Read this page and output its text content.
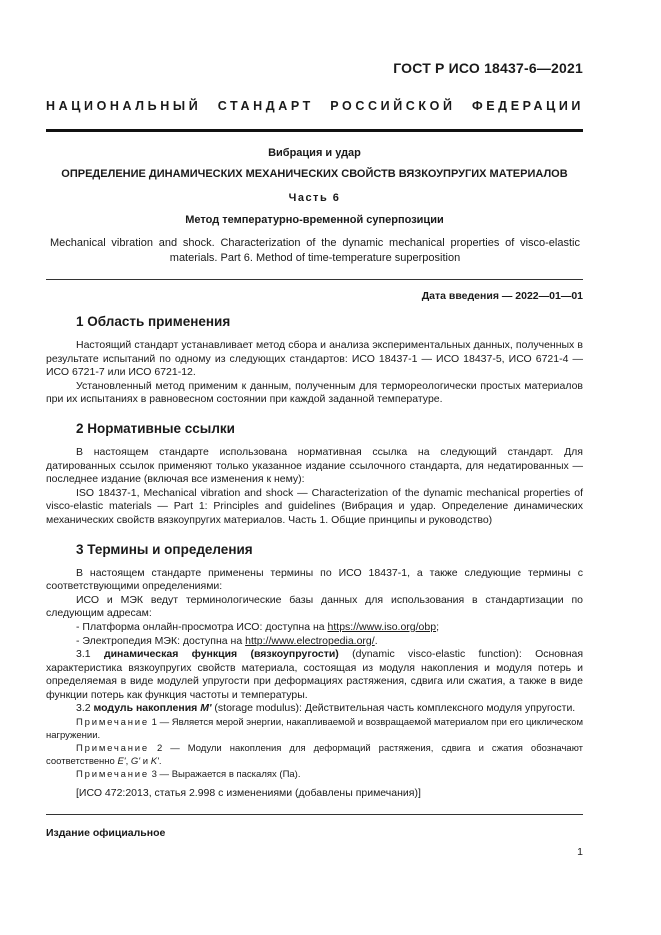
ГОСТ Р ИСО 18437-6—2021
НАЦИОНАЛЬНЫЙ СТАНДАРТ РОССИЙСКОЙ ФЕДЕРАЦИИ
Вибрация и удар
ОПРЕДЕЛЕНИЕ ДИНАМИЧЕСКИХ МЕХАНИЧЕСКИХ СВОЙСТВ ВЯЗКОУПРУГИХ МАТЕРИАЛОВ
Часть 6
Метод температурно-временной суперпозиции
Mechanical vibration and shock. Characterization of the dynamic mechanical properties of visco-elastic materials. Part 6. Method of time-temperature superposition
Дата введения — 2022—01—01
1 Область применения

Настоящий стандарт устанавливает метод сбора и анализа экспериментальных данных, полученных в результате испытаний по одному из следующих стандартов: ИСО 18437-1 — ИСО 18437-5, ИСО 6721-4 — ИСО 6721-7 или ИСО 6721-12.

Установленный метод применим к данным, полученным для термореологически простых материалов при их испытаниях в равновесном состоянии при каждой заданной температуре.

2 Нормативные ссылки

В настоящем стандарте использована нормативная ссылка на следующий стандарт. Для датированных ссылок применяют только указанное издание ссылочного стандарта, для недатированных — последнее издание (включая все изменения к нему):

ISO 18437-1, Mechanical vibration and shock — Characterization of the dynamic mechanical properties of visco-elastic materials — Part 1: Principles and guidelines (Вибрация и удар. Определение динамических механических свойств вязкоупругих материалов. Часть 1. Общие принципы и руководство)

3 Термины и определения

В настоящем стандарте применены термины по ИСО 18437-1, а также следующие термины с соответствующими определениями:

ИСО и МЭК ведут терминологические базы данных для использования в стандартизации по следующим адресам:

- Платформа онлайн-просмотра ИСО: доступна на https://www.iso.org/obp;

- Электропедия МЭК: доступна на http://www.electropedia.org/.

3.1 динамическая функция (вязкоупругости) (dynamic visco-elastic function): Основная характеристика вязкоупругих свойств материала, состоящая из модуля накопления и модуля потерь и определяемая в виде модулей упругости при деформациях растяжения, сдвига или сжатия, а также в виде функции потерь как функция частоты и температуры.

3.2 модуль накопления M' (storage modulus): Действительная часть комплексного модуля упругости.

Примечание 1 — Является мерой энергии, накапливаемой и возвращаемой материалом при его циклическом нагружении.

Примечание 2 — Модули накопления для деформаций растяжения, сдвига и сжатия обозначают соответственно E', G' и K'.

Примечание 3 — Выражается в паскалях (Па).

[ИСО 472:2013, статья 2.998 с изменениями (добавлены примечания)]

Издание официальное
1
